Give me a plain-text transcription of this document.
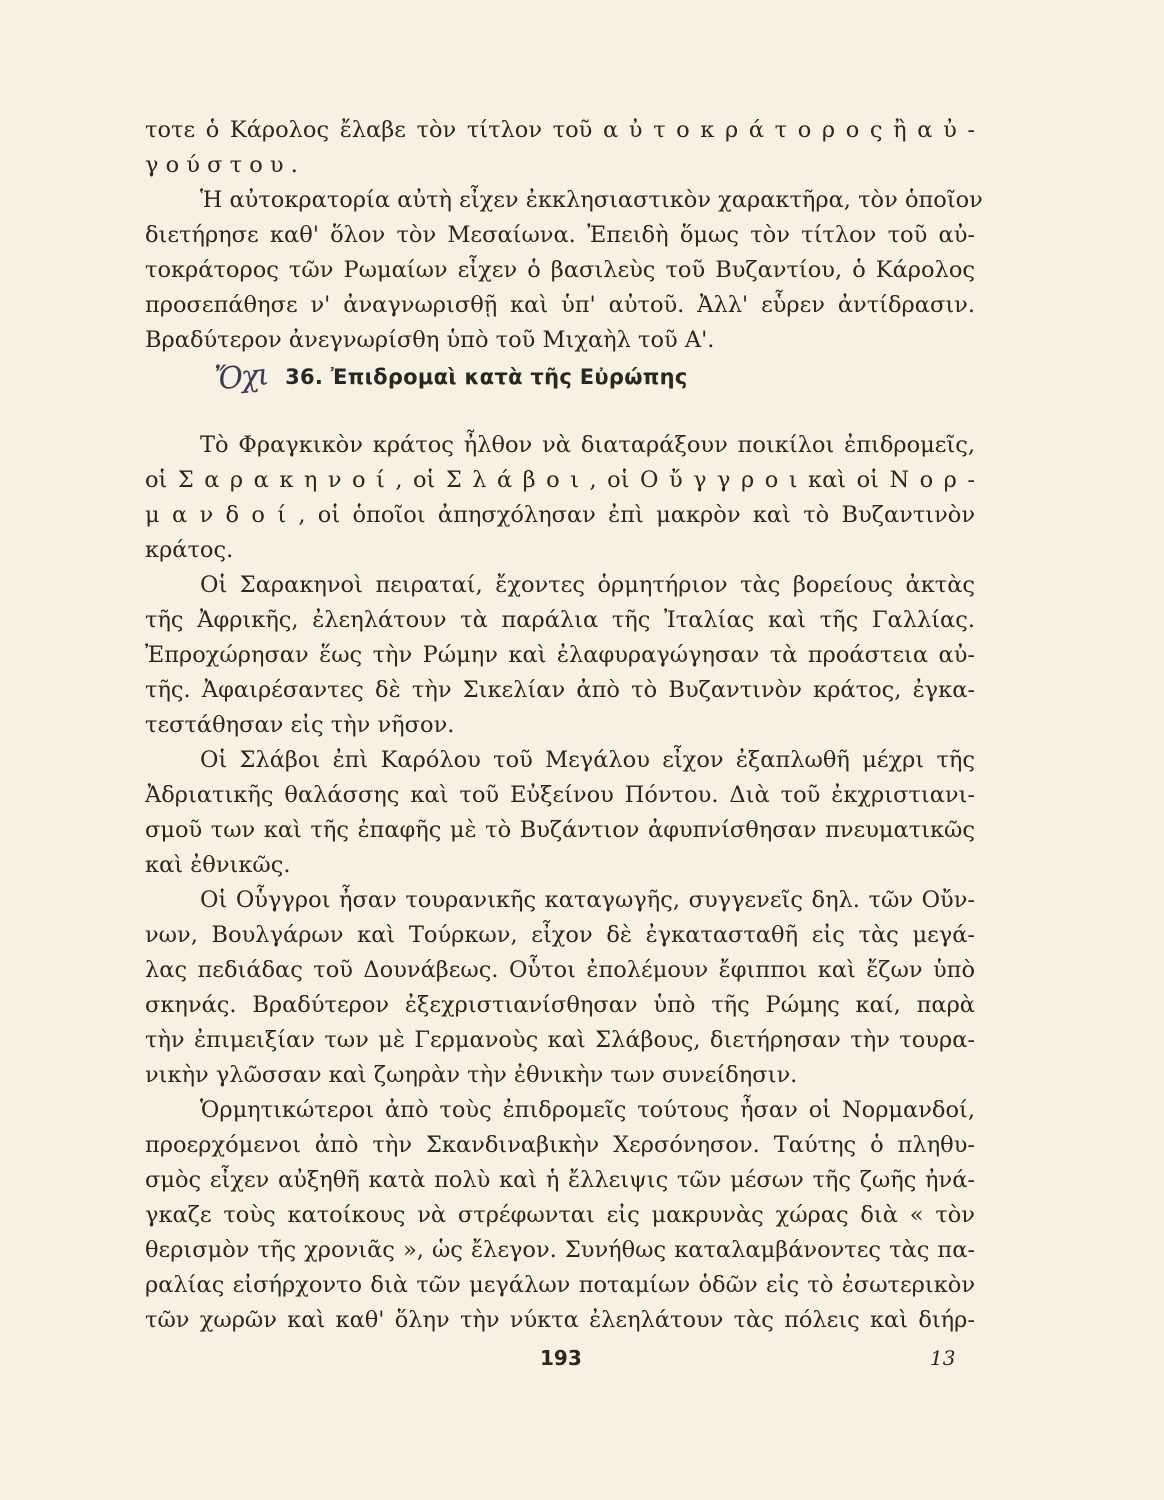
τοτε ὁ Κάρολος ἔλαβε τὸν τίτλον τοῦ α ὐ τ ο κ ρ ά τ ο ρ ο ς ἢ α ὐ -
γ ο ύ σ τ ο υ .
Ἡ αὐτοκρατορία αὐτὴ εἶχεν ἐκκλησιαστικὸν χαρακτῆρα, τὸν ὁποῖον
διετήρησε καθ' ὅλον τὸν Μεσαίωνα. Ἐπειδὴ ὅμως τὸν τίτλον τοῦ αὐ-
τοκράτορος τῶν Ρωμαίων εἶχεν ὁ βασιλεὺς τοῦ Βυζαντίου, ὁ Κάρολος
προσεπάθησε ν' ἀναγνωρισθῇ καὶ ὑπ' αὐτοῦ. Ἀλλ' εὗρεν ἀντίδρασιν.
Βραδύτερον ἀνεγνωρίσθη ὑπὸ τοῦ Μιχαὴλ τοῦ Α'.
Ὄχι 36. Ἐπιδρομαὶ κατὰ τῆς Εὐρώπης
Τὸ Φραγκικὸν κράτος ἦλθον νὰ διαταράξουν ποικίλοι ἐπιδρομεῖς,
οἱ Σ α ρ α κ η ν ο ί , οἱ Σ λ ά β ο ι , οἱ Ο ὔ γ γ ρ ο ι καὶ οἱ Ν ο ρ -
μ α ν δ ο ί , οἱ ὁποῖοι ἀπησχόλησαν ἐπὶ μακρὸν καὶ τὸ Βυζαντινὸν
κράτος.
Οἱ Σαρακηνοὶ πειραταί, ἔχοντες ὁρμητήριον τὰς βορείους ἀκτὰς
τῆς Ἀφρικῆς, ἐλεηλάτουν τὰ παράλια τῆς Ἰταλίας καὶ τῆς Γαλλίας.
Ἐπροχώρησαν ἕως τὴν Ρώμην καὶ ἐλαφυραγώγησαν τὰ προάστεια αὐ-
τῆς. Ἀφαιρέσαντες δὲ τὴν Σικελίαν ἀπὸ τὸ Βυζαντινὸν κράτος, ἐγκα-
τεστάθησαν εἰς τὴν νῆσον.
Οἱ Σλάβοι ἐπὶ Καρόλου τοῦ Μεγάλου εἶχον ἐξαπλωθῆ μέχρι τῆς
Ἀδριατικῆς θαλάσσης καὶ τοῦ Εὐξείνου Πόντου. Διὰ τοῦ ἐκχριστιανι-
σμοῦ των καὶ τῆς ἐπαφῆς μὲ τὸ Βυζάντιον ἀφυπνίσθησαν πνευματικῶς
καὶ ἐθνικῶς.
Οἱ Οὗγγροι ἦσαν τουρανικῆς καταγωγῆς, συγγενεῖς δηλ. τῶν Οὔν-
νων, Βουλγάρων καὶ Τούρκων, εἶχον δὲ ἐγκατασταθῆ εἰς τὰς μεγά-
λας πεδιάδας τοῦ Δουνάβεως. Οὗτοι ἐπολέμουν ἔφιπποι καὶ ἔζων ὑπὸ
σκηνάς. Βραδύτερον ἐξεχριστιανίσθησαν ὑπὸ τῆς Ρώμης καί, παρὰ
τὴν ἐπιμειξίαν των μὲ Γερμανοὺς καὶ Σλάβους, διετήρησαν τὴν τουρα-
νικὴν γλῶσσαν καὶ ζωηρὰν τὴν ἐθνικὴν των συνείδησιν.
Ὁρμητικώτεροι ἀπὸ τοὺς ἐπιδρομεῖς τούτους ἦσαν οἱ Νορμανδοί,
προερχόμενοι ἀπὸ τὴν Σκανδιναβικὴν Χερσόνησον. Ταύτης ὁ πληθυ-
σμὸς εἶχεν αὐξηθῆ κατὰ πολὺ καὶ ἡ ἔλλειψις τῶν μέσων τῆς ζωῆς ἠνά-
γκαζε τοὺς κατοίκους νὰ στρέφωνται εἰς μακρυνὰς χώρας διὰ « τὸν
θερισμὸν τῆς χρονιᾶς », ὡς ἔλεγον. Συνήθως καταλαμβάνοντες τὰς πα-
ραλίας εἰσήρχοντο διὰ τῶν μεγάλων ποταμίων ὁδῶν εἰς τὸ ἐσωτερικὸν
τῶν χωρῶν καὶ καθ' ὅλην τὴν νύκτα ἐλεηλάτουν τὰς πόλεις καὶ διήρ-
193	13
